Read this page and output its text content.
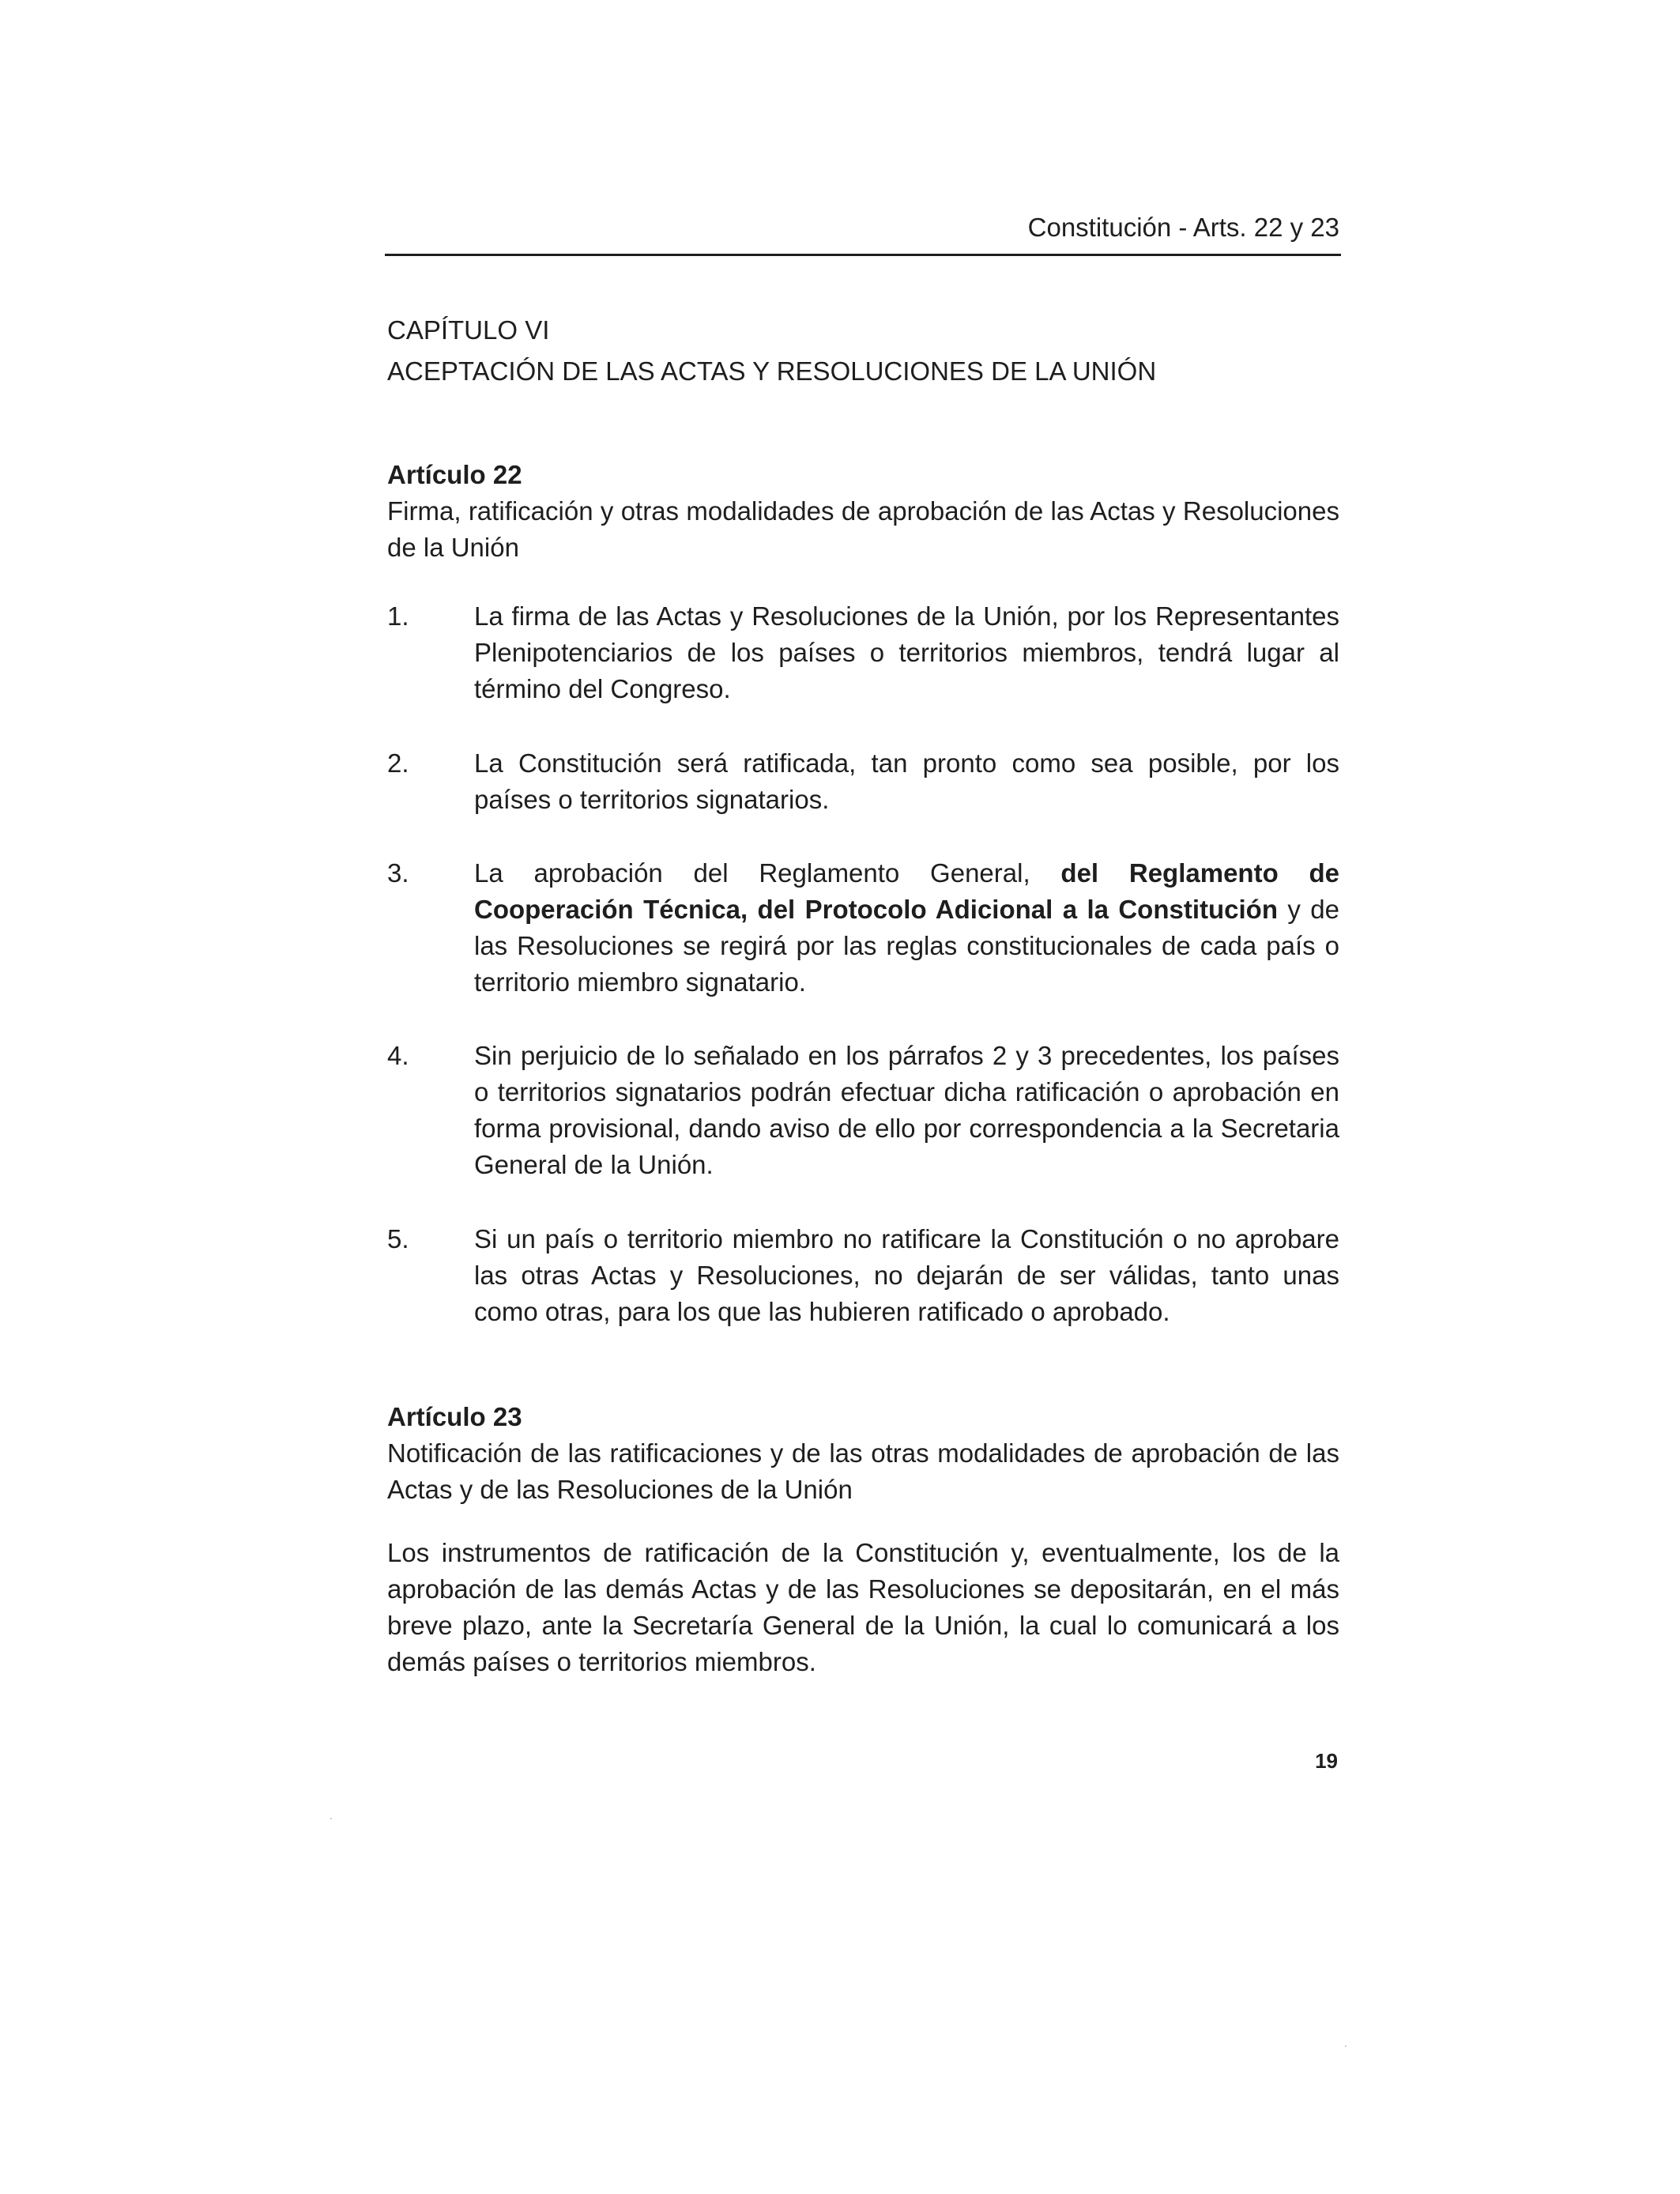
Constitución - Arts. 22 y 23
CAPÍTULO VI
ACEPTACIÓN DE LAS ACTAS Y RESOLUCIONES DE LA UNIÓN
Artículo 22
Firma, ratificación y otras modalidades de aprobación de las Actas y Resoluciones de la Unión
1. La firma de las Actas y Resoluciones de la Unión, por los Representantes Plenipotenciarios de los países o territorios miembros, tendrá lugar al término del Congreso.
2. La Constitución será ratificada, tan pronto como sea posible, por los países o territorios signatarios.
3. La aprobación del Reglamento General, del Reglamento de Cooperación Técnica, del Protocolo Adicional a la Constitución y de las Resoluciones se regirá por las reglas constitucionales de cada país o territorio miembro signatario.
4. Sin perjuicio de lo señalado en los párrafos 2 y 3 precedentes, los países o territorios signatarios podrán efectuar dicha ratificación o aprobación en forma provisional, dando aviso de ello por correspondencia a la Secretaria General de la Unión.
5. Si un país o territorio miembro no ratificare la Constitución o no aprobare las otras Actas y Resoluciones, no dejarán de ser válidas, tanto unas como otras, para los que las hubieren ratificado o aprobado.
Artículo 23
Notificación de las ratificaciones y de las otras modalidades de aprobación de las Actas y de las Resoluciones de la Unión
Los instrumentos de ratificación de la Constitución y, eventualmente, los de la aprobación de las demás Actas y de las Resoluciones se depositarán, en el más breve plazo, ante la Secretaría General de la Unión, la cual lo comunicará a los demás países o territorios miembros.
19
